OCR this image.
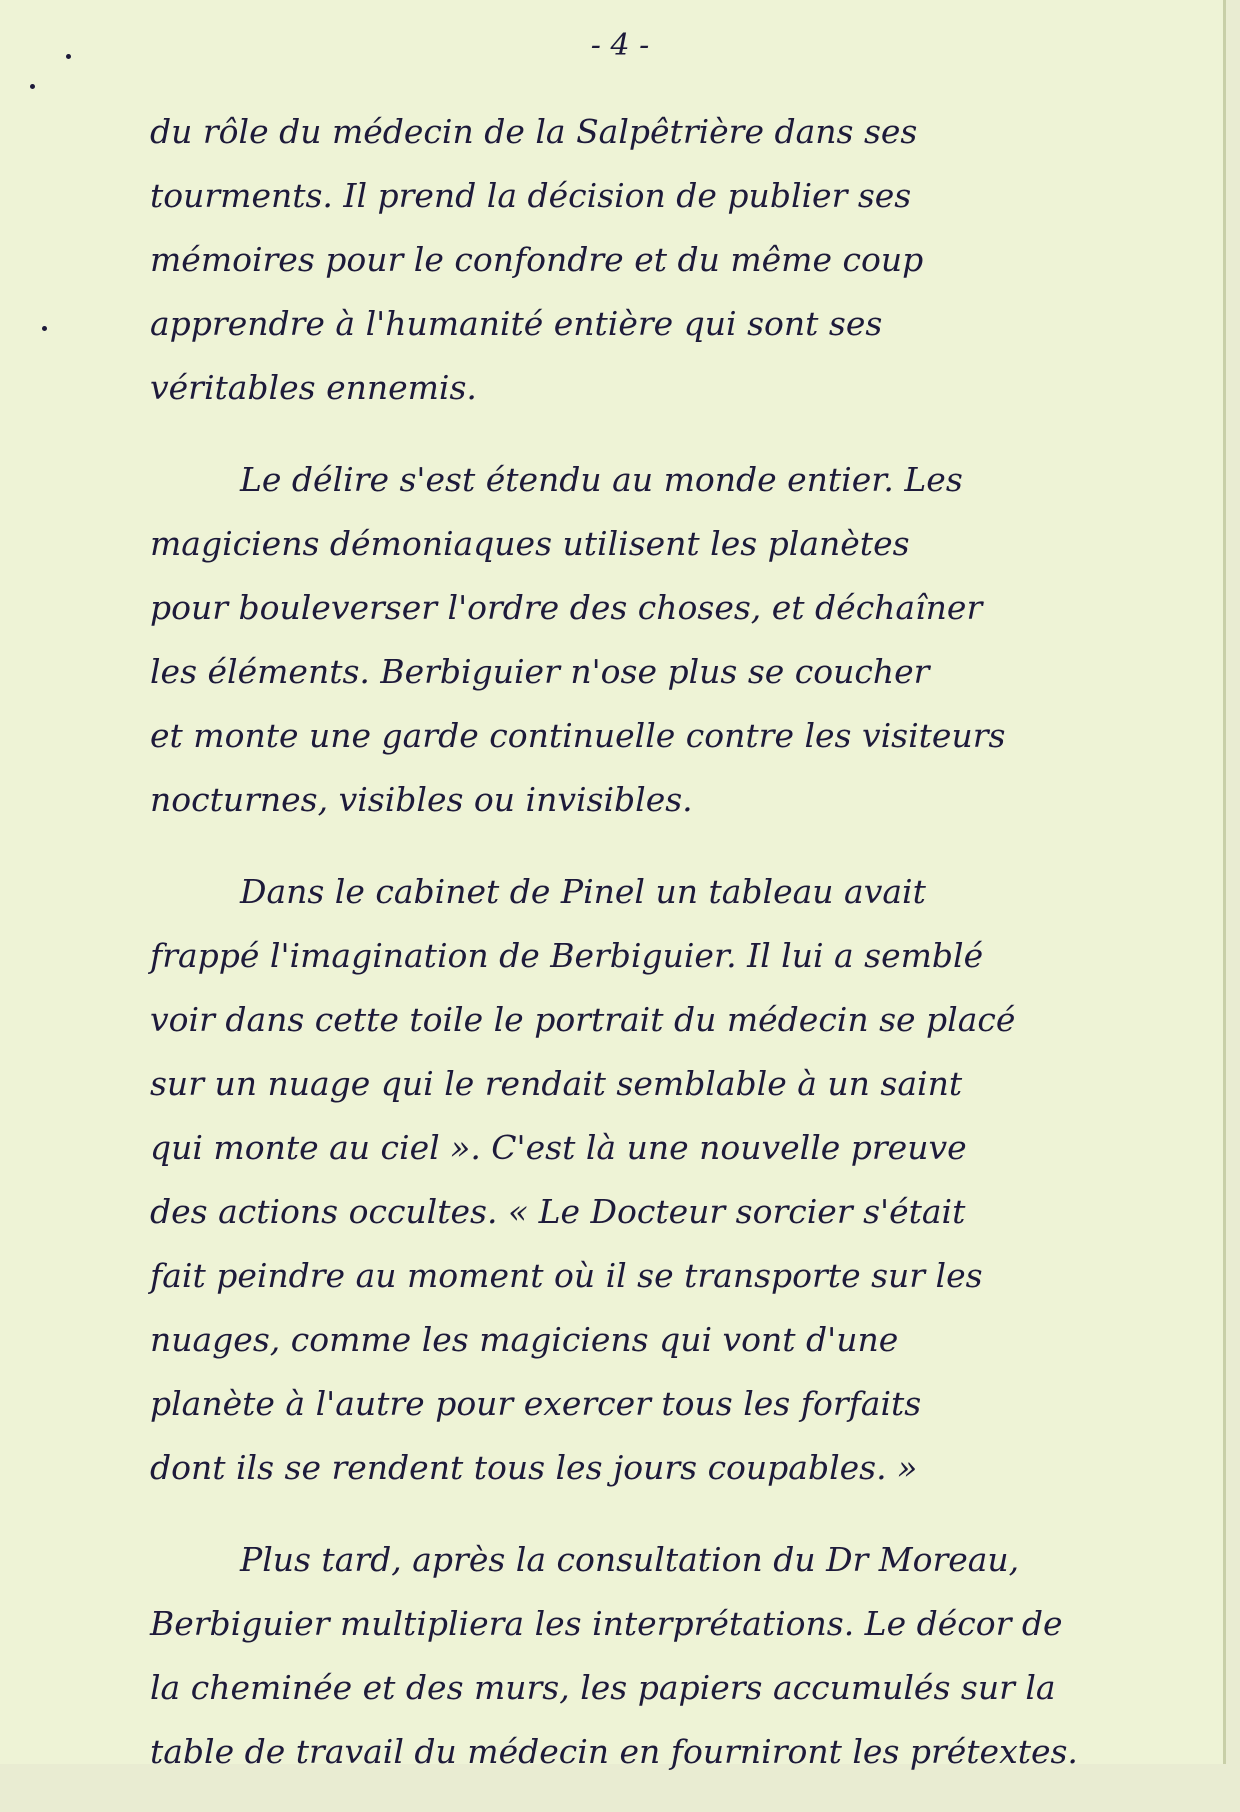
- 4 -

du rôle du médecin de la Salpêtrière dans ses
tourments. Il prend la décision de publier ses
mémoires pour le confondre et du même coup
apprendre à l'humanité entière qui sont ses
véritables ennemis.

Le délire s'est étendu au monde entier. Les
magiciens démoniaques utilisent les planètes
pour bouleverser l'ordre des choses, et déchaîner
les éléments. Berbiguier n'ose plus se coucher
et monte une garde continuelle contre les visiteurs
nocturnes, visibles ou invisibles.

Dans le cabinet de Pinel un tableau avait
frappé l'imagination de Berbiguier. Il lui a semblé
voir dans cette toile le portrait du médecin se placé
sur un nuage qui le rendait semblable à un saint
qui monte au ciel ». C'est là une nouvelle preuve
des actions occultes. « Le Docteur sorcier s'était
fait peindre au moment où il se transporte sur les
nuages, comme les magiciens qui vont d'une
planète à l'autre pour exercer tous les forfaits
dont ils se rendent tous les jours coupables. »

Plus tard, après la consultation du Dr Moreau,
Berbiguier multipliera les interprétations. Le décor de
la cheminée et des murs, les papiers accumulés sur la
table de travail du médecin en fourniront les prétextes.
